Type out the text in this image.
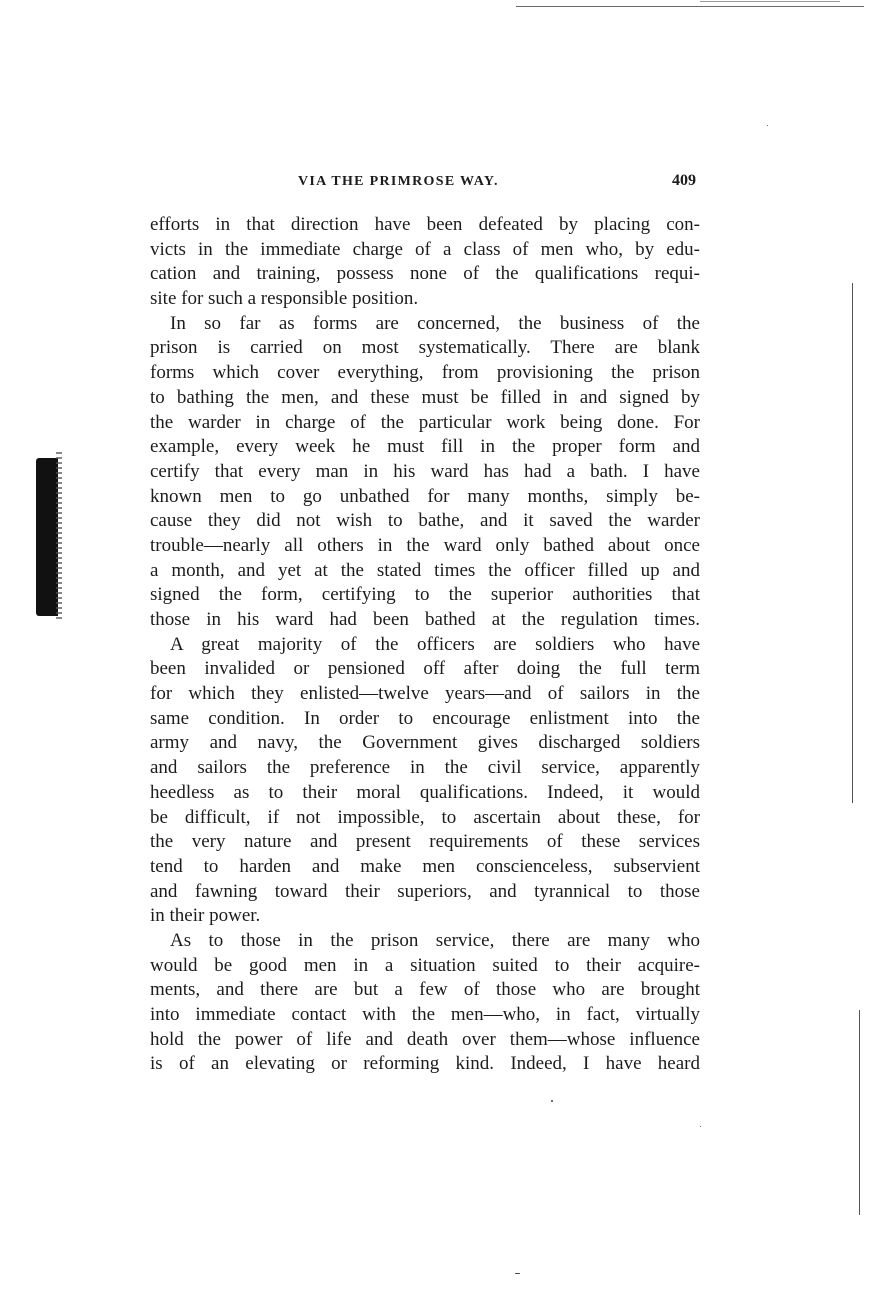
VIA THE PRIMROSE WAY.	409
efforts in that direction have been defeated by placing con-
victs in the immediate charge of a class of men who, by edu-
cation and training, possess none of the qualifications requi-
site for such a responsible position.
In so far as forms are concerned, the business of the
prison is carried on most systematically. There are blank
forms which cover everything, from provisioning the prison
to bathing the men, and these must be filled in and signed by
the warder in charge of the particular work being done. For
example, every week he must fill in the proper form and
certify that every man in his ward has had a bath. I have
known men to go unbathed for many months, simply be-
cause they did not wish to bathe, and it saved the warder
trouble—nearly all others in the ward only bathed about once
a month, and yet at the stated times the officer filled up and
signed the form, certifying to the superior authorities that
those in his ward had been bathed at the regulation times.
A great majority of the officers are soldiers who have
been invalided or pensioned off after doing the full term
for which they enlisted—twelve years—and of sailors in the
same condition. In order to encourage enlistment into the
army and navy, the Government gives discharged soldiers
and sailors the preference in the civil service, apparently
heedless as to their moral qualifications. Indeed, it would
be difficult, if not impossible, to ascertain about these, for
the very nature and present requirements of these services
tend to harden and make men conscienceless, subservient
and fawning toward their superiors, and tyrannical to those
in their power.
As to those in the prison service, there are many who
would be good men in a situation suited to their acquire-
ments, and there are but a few of those who are brought
into immediate contact with the men—who, in fact, virtually
hold the power of life and death over them—whose influence
is of an elevating or reforming kind. Indeed, I have heard
